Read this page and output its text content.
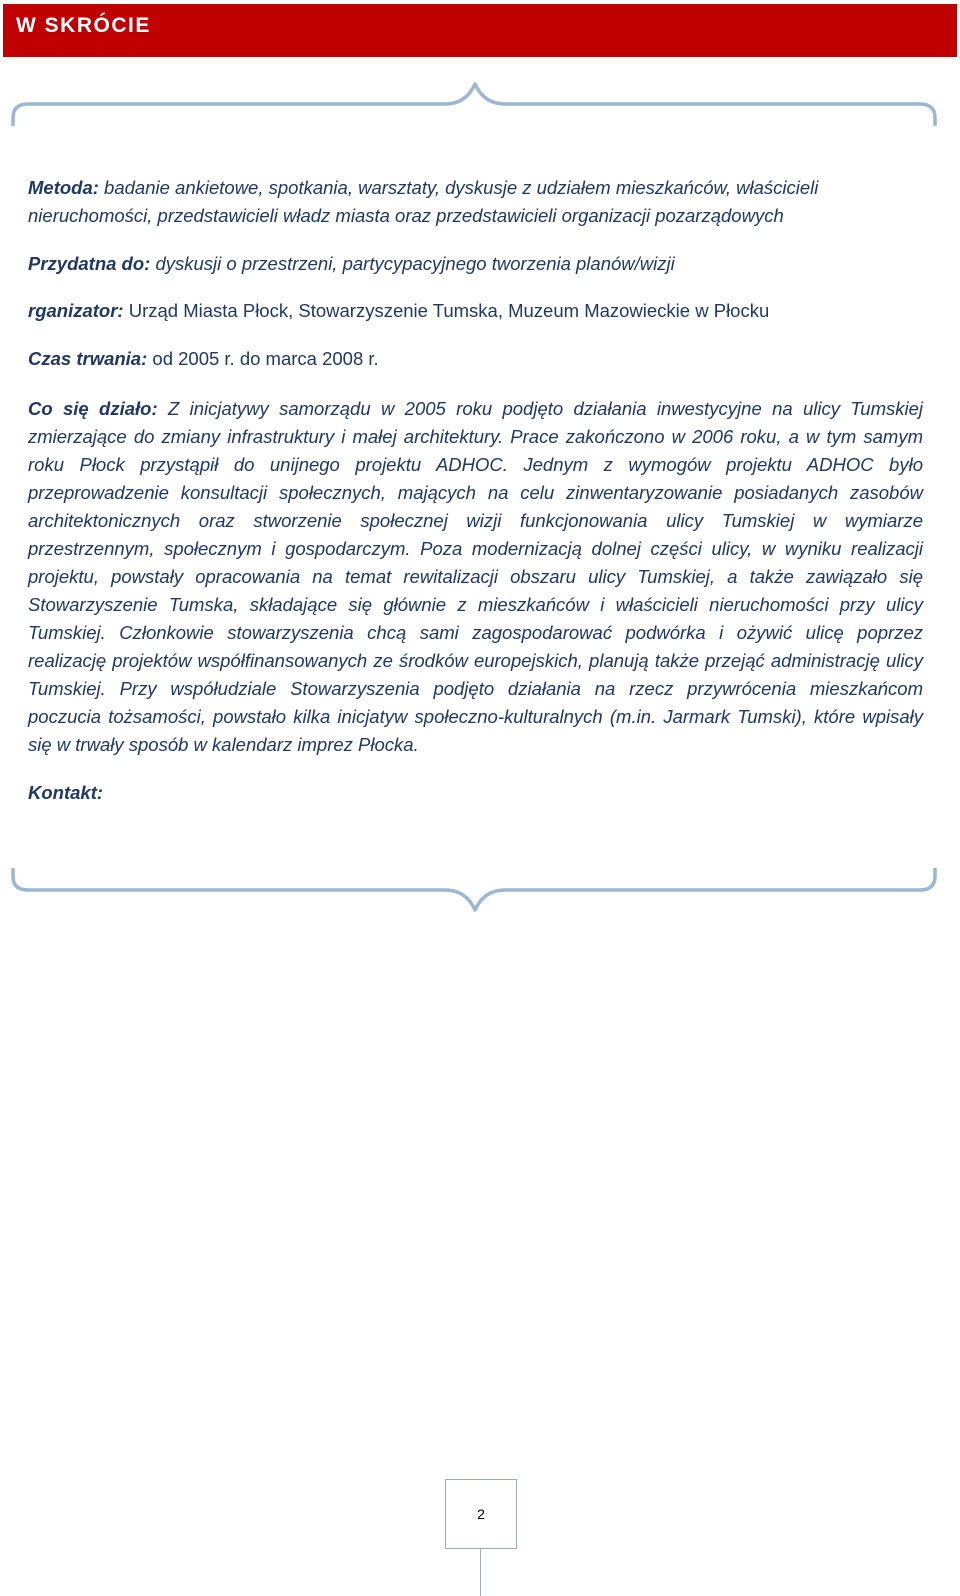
W SKRÓCIE

Metoda: badanie ankietowe, spotkania, warsztaty, dyskusje z udziałem mieszkańców, właścicieli nieruchomości, przedstawicieli władz miasta oraz przedstawicieli organizacji pozarządowych

Przydatna do: dyskusji o przestrzeni, partycypacyjnego tworzenia planów/wizji

rganizator: Urząd Miasta Płock, Stowarzyszenie Tumska, Muzeum Mazowieckie w Płocku

Czas trwania: od 2005 r. do marca 2008 r.

Co się działo: Z inicjatywy samorządu w 2005 roku podjęto działania inwestycyjne na ulicy Tumskiej zmierzające do zmiany infrastruktury i małej architektury. Prace zakończono w 2006 roku, a w tym samym roku Płock przystąpił do unijnego projektu ADHOC. Jednym z wymogów projektu ADHOC było przeprowadzenie konsultacji społecznych, mających na celu zinwentaryzowanie posiadanych zasobów architektonicznych oraz stworzenie społecznej wizji funkcjonowania ulicy Tumskiej w wymiarze przestrzennym, społecznym i gospodarczym. Poza modernizacją dolnej części ulicy, w wyniku realizacji projektu, powstały opracowania na temat rewitalizacji obszaru ulicy Tumskiej, a także zawiązało się Stowarzyszenie Tumska, składające się głównie z mieszkańców i właścicieli nieruchomości przy ulicy Tumskiej. Członkowie stowarzyszenia chcą sami zagospodarować podwórka i ożywić ulicę poprzez realizację projektów współfinansowanych ze środków europejskich, planują także przejąć administrację ulicy Tumskiej. Przy współudziale Stowarzyszenia podjęto działania na rzecz przywrócenia mieszkańcom poczucia tożsamości, powstało kilka inicjatyw społeczno-kulturalnych (m.in. Jarmark Tumski), które wpisały się w trwały sposób w kalendarz imprez Płocka.

Kontakt:

2
